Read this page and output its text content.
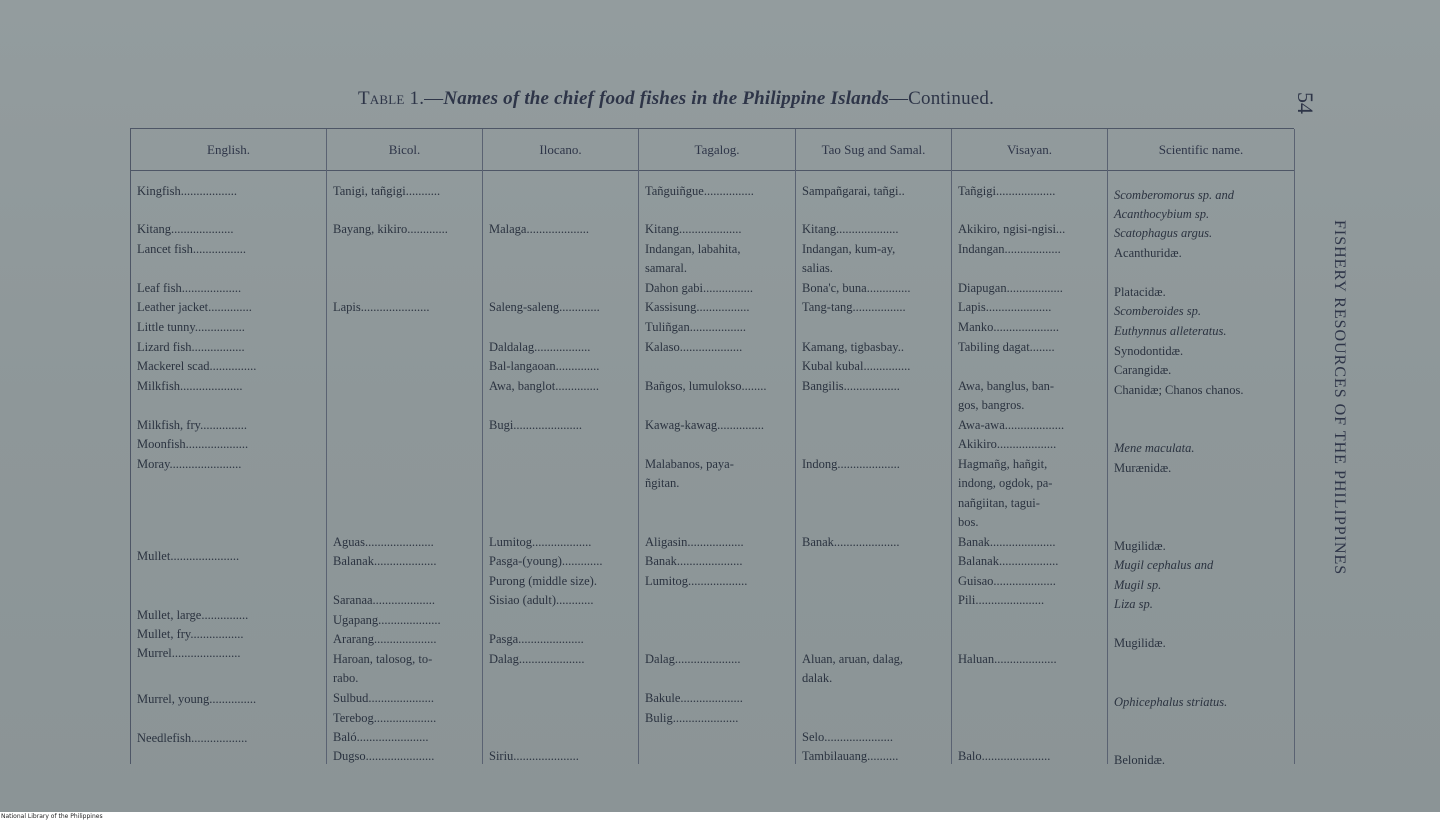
Table 1.—Names of the chief food fishes in the Philippine Islands—Continued.	54
FISHERY RESOURCES OF THE PHILIPPINES
English.
Kingfish..................
Kitang....................
Lancet fish.................
Leaf fish...................
Leather jacket..............
Little tunny................
Lizard fish.................
Mackerel scad...............
Milkfish....................
Milkfish, fry...............
Moonfish....................
Moray.......................
Mullet......................
Mullet, large...............
Mullet, fry.................
Murrel......................
Murrel, young...............
Needlefish..................
Bicol.
Tanigi, tañgigi...........
Bayang, kikiro.............
Lapis......................
Aguas......................
Balanak....................
Saranaa....................
Ugapang....................
Ararang....................
Haroan, talosog, to-
rabo.
Sulbud.....................
Terebog....................
Baló.......................
Dugso......................
Ilocano.
Malaga....................
Saleng-saleng.............
Daldalag..................
Bal-langaoan..............
Awa, banglot..............
Bugi......................
Lumitog...................
Pasga-(young).............
Purong (middle size).
Sisiao (adult)............
Pasga.....................
Dalag.....................
Siriu.....................
Tagalog.
Tañguiñgue................
Kitang....................
Indangan, labahita,
samaral.
Dahon gabi................
Kassisung.................
Tuliñgan..................
Kalaso....................
Bañgos, lumulokso........
Kawag-kawag...............
Malabanos, paya-
ñgitan.
Aligasin..................
Banak.....................
Lumitog...................
Dalag.....................
Bakule....................
Bulig.....................
Tao Sug and Samal.
Sampañgarai, tañgi..
Kitang....................
Indangan, kum-ay,
salias.
Bona'c, buna..............
Tang-tang.................
Kamang, tigbasbay..
Kubal kubal...............
Bangilis..................
Indong....................
Banak.....................
Aluan, aruan, dalag,
dalak.
Selo......................
Tambilauang..........
Visayan.
Tañgigi...................
Akikiro, ngisi-ngisi...
Indangan..................
Diapugan..................
Lapis.....................
Manko.....................
Tabiling dagat........
Awa, banglus, ban-
gos, bangros.
Awa-awa...................
Akikiro...................
Hagmañg, hañgit,
indong, ogdok, pa-
nañgiitan, tagui-
bos.
Banak.....................
Balanak...................
Guisao....................
Pili......................
Haluan....................
Balo......................
Scientific name.
Scomberomorus sp. and
Acanthocybium sp.
Scatophagus argus.
Acanthuridæ.
Platacidæ.
Scomberoides sp.
Euthynnus alleteratus.
Synodontidæ.
Carangidæ.
Chanidæ; Chanos chanos.
Mene maculata.
Murænidæ.
Mugilidæ.
Mugil cephalus and
Mugil sp.
Liza sp.
Mugilidæ.
Ophicephalus striatus.
Belonidæ.
National Library of the Philippines
